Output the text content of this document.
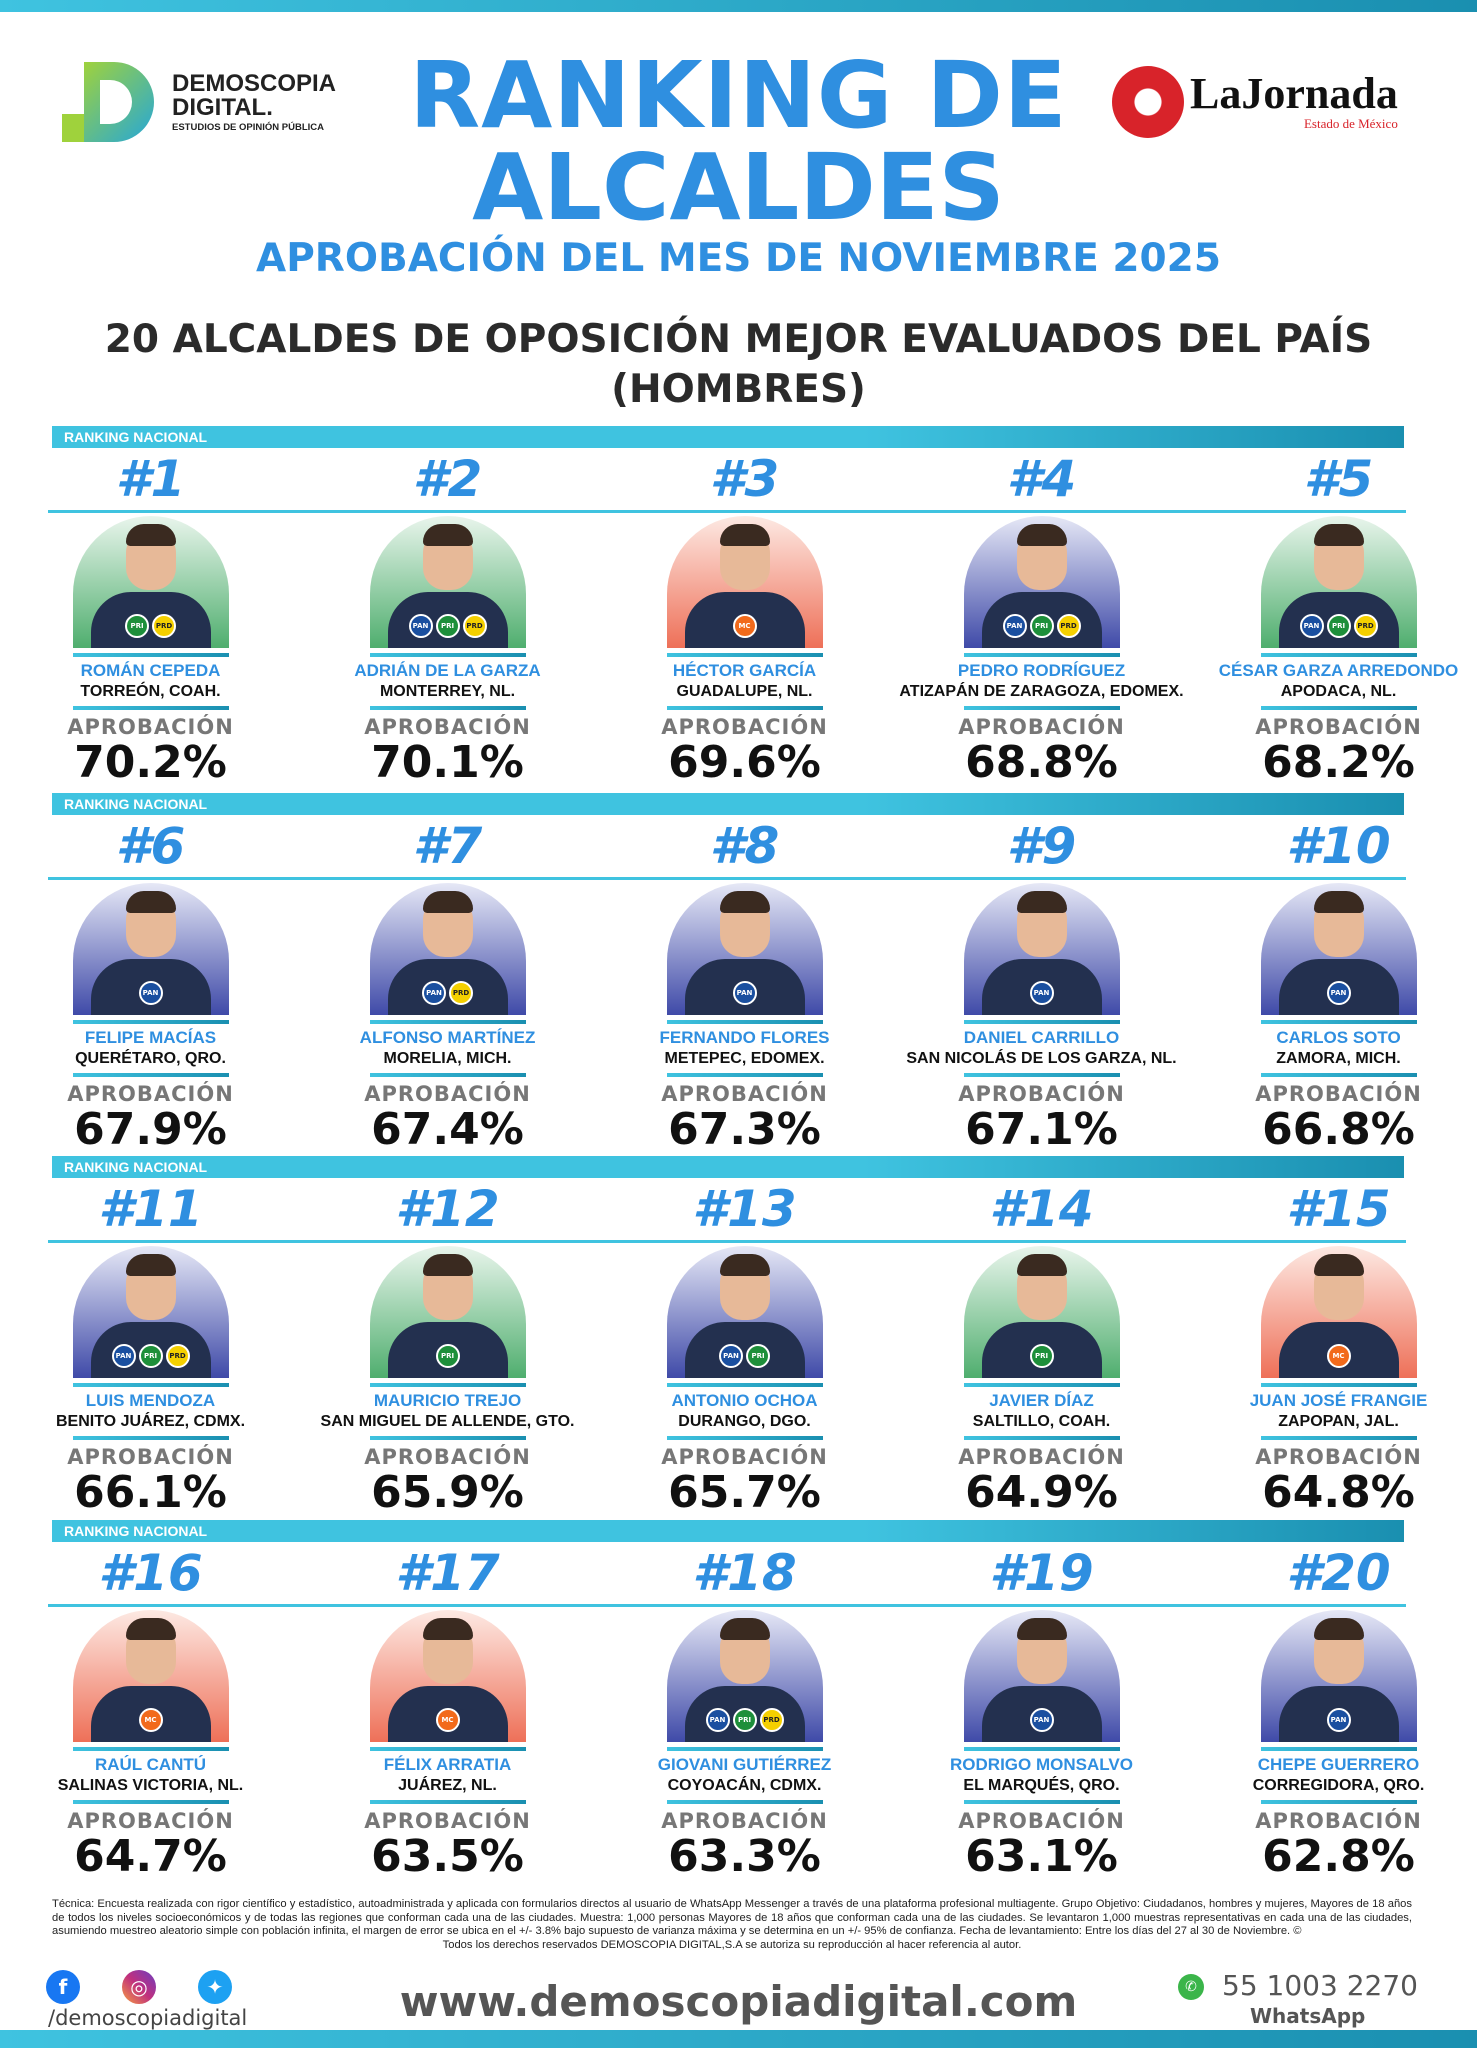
DEMOSCOPIA
DIGITAL.
ESTUDIOS DE OPINIÓN PÚBLICA RANKING DE
ALCALDES
APROBACIÓN DEL MES DE NOVIEMBRE 2025
LaJornada
Estado de México
20 ALCALDES DE OPOSICIÓN MEJOR EVALUADOS DEL PAÍS
(HOMBRES)
RANKING NACIONAL
RANKING NACIONAL
RANKING NACIONAL
RANKING NACIONAL
#1
PRI	PRD
ROMÁN CEPEDA
TORREÓN, COAH.
APROBACIÓN
70.2%
#2
PAN	PRI	PRD
ADRIÁN DE LA GARZA
MONTERREY, NL.
APROBACIÓN
70.1%
#3
MC
HÉCTOR GARCÍA
GUADALUPE, NL.
APROBACIÓN
69.6%
#4
PAN	PRI	PRD
PEDRO RODRÍGUEZ
ATIZAPÁN DE ZARAGOZA, EDOMEX.
APROBACIÓN
68.8%
#5
PAN	PRI	PRD
CÉSAR GARZA ARREDONDO
APODACA, NL.
APROBACIÓN
68.2%
#6
PAN
FELIPE MACÍAS
QUERÉTARO, QRO.
APROBACIÓN
67.9%
#7
PAN	PRD
ALFONSO MARTÍNEZ
MORELIA, MICH.
APROBACIÓN
67.4%
#8
PAN
FERNANDO FLORES
METEPEC, EDOMEX.
APROBACIÓN
67.3%
#9
PAN
DANIEL CARRILLO
SAN NICOLÁS DE LOS GARZA, NL.
APROBACIÓN
67.1%
#10
PAN
CARLOS SOTO
ZAMORA, MICH.
APROBACIÓN
66.8%
#11
PAN	PRI	PRD
LUIS MENDOZA
BENITO JUÁREZ, CDMX.
APROBACIÓN
66.1%
#12
PRI
MAURICIO TREJO
SAN MIGUEL DE ALLENDE, GTO.
APROBACIÓN
65.9%
#13
PAN	PRI
ANTONIO OCHOA
DURANGO, DGO.
APROBACIÓN
65.7%
#14
PRI
JAVIER DÍAZ
SALTILLO, COAH.
APROBACIÓN
64.9%
#15
MC
JUAN JOSÉ FRANGIE
ZAPOPAN, JAL.
APROBACIÓN
64.8%
#16
MC
RAÚL CANTÚ
SALINAS VICTORIA, NL.
APROBACIÓN
64.7%
#17
MC
FÉLIX ARRATIA
JUÁREZ, NL.
APROBACIÓN
63.5%
#18
PAN	PRI	PRD
GIOVANI GUTIÉRREZ
COYOACÁN, CDMX.
APROBACIÓN
63.3%
#19
PAN
RODRIGO MONSALVO
EL MARQUÉS, QRO.
APROBACIÓN
63.1%
#20
PAN
CHEPE GUERRERO
CORREGIDORA, QRO.
APROBACIÓN
62.8%
Técnica: Encuesta realizada con rigor científico y estadístico, autoadministrada y aplicada con formularios directos al usuario de WhatsApp Messenger a través de una plataforma profesional multiagente. Grupo Objetivo: Ciudadanos, hombres y mujeres, Mayores de 18 años de todos los niveles socioeconómicos y de todas las regiones que conforman cada una de las ciudades. Muestra: 1,000 personas Mayores de 18 años que conforman cada una de las ciudades. Se levantaron 1,000 muestras representativas en cada una de las ciudades, asumiendo muestreo aleatorio simple con población infinita, el margen de error se ubica en el +/- 3.8% bajo supuesto de varianza máxima y se determina en un +/- 95% de confianza. Fecha de levantamiento: Entre los días del 27 al 30 de Noviembre. ©
Todos los derechos reservados DEMOSCOPIA DIGITAL,S.A se autoriza su reproducción al hacer referencia al autor.
f	◎	✦
/demoscopiadigital	www.demoscopiadigital.com	✆ 55 1003 2270
WhatsApp
